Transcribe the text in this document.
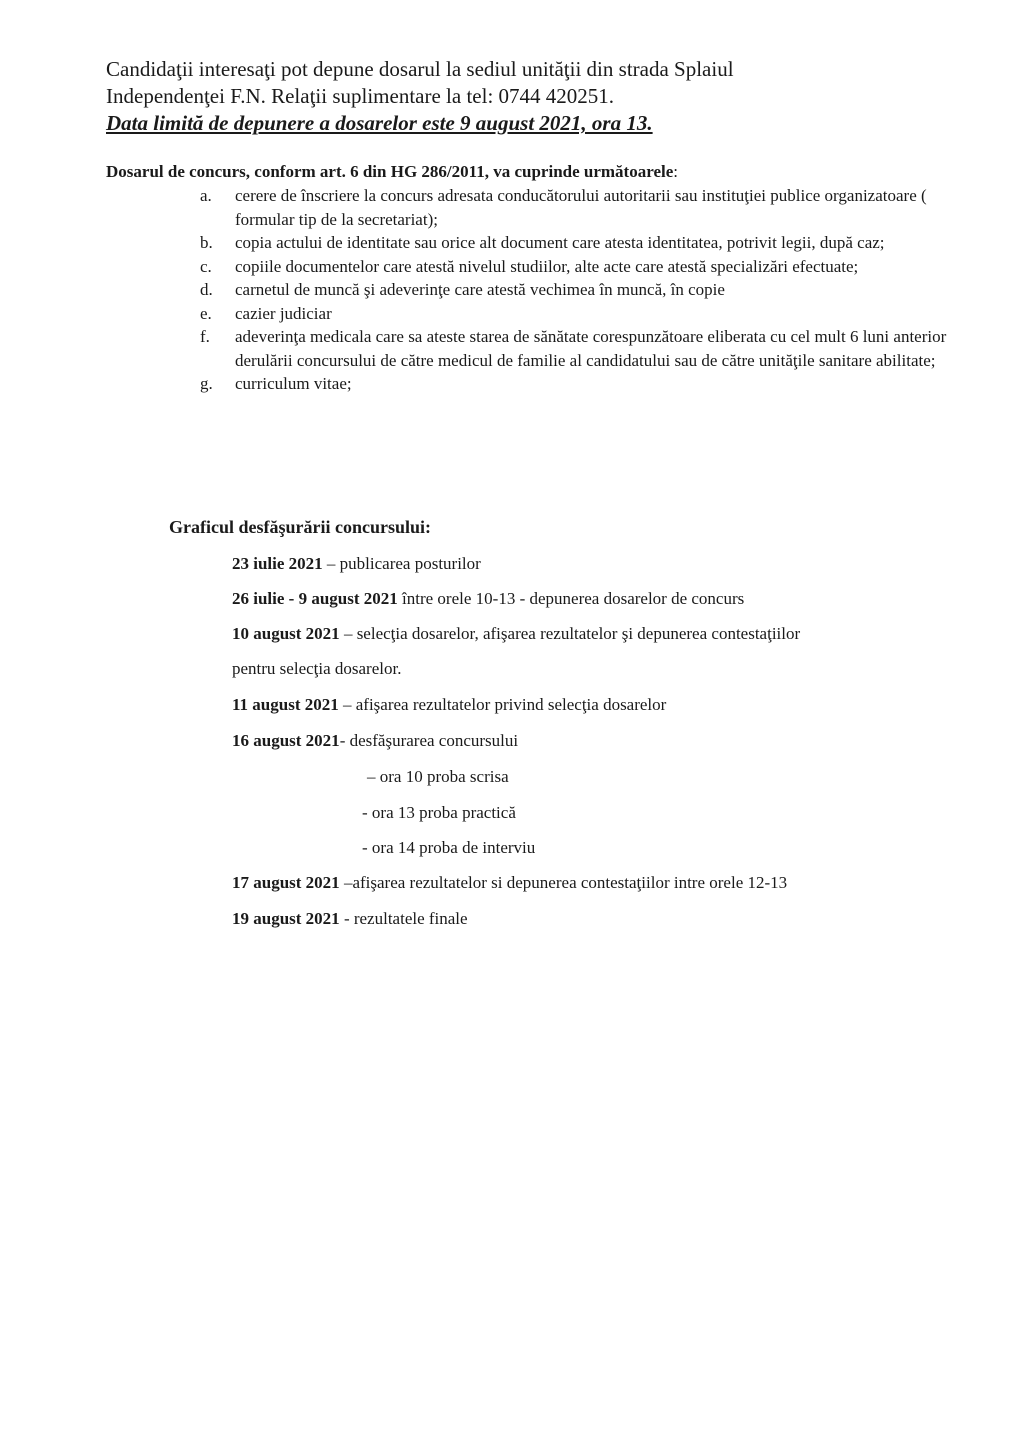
Candidaţii interesaţi pot depune dosarul la sediul unităţii din strada Splaiul
Independenţei F.N. Relaţii suplimentare la tel: 0744 420251.
Data limită de depunere a dosarelor este 9 august 2021, ora 13.
Dosarul de concurs, conform art. 6 din HG 286/2011, va cuprinde următoarele:
a. cerere de înscriere la concurs adresata conducătorului autoritarii sau instituţiei publice organizatoare ( formular tip de la secretariat);
b. copia actului de identitate sau orice alt document care atesta identitatea, potrivit legii, după caz;
c. copiile documentelor care atestă nivelul studiilor, alte acte care atestă specializări efectuate;
d. carnetul de muncă şi adeverinţe care atestă vechimea în muncă, în copie
e. cazier judiciar
f. adeverinţa medicala care sa ateste starea de sănătate corespunzătoare eliberata cu cel mult 6 luni anterior derulării concursului de către medicul de familie al candidatului sau de către unităţile sanitare abilitate;
g. curriculum vitae;
Graficul desfăşurării concursului:
23 iulie 2021 – publicarea posturilor
26 iulie - 9 august 2021 între orele 10-13 - depunerea dosarelor de concurs
10 august 2021 – selecţia dosarelor, afişarea rezultatelor şi depunerea contestaţiilor
pentru selecţia dosarelor.
11 august 2021 – afişarea rezultatelor privind selecţia dosarelor
16 august 2021- desfăşurarea concursului
– ora 10 proba scrisa
- ora 13 proba practică
- ora 14 proba de interviu
17 august 2021 –afişarea rezultatelor si depunerea contestaţiilor intre orele 12-13
19 august 2021 - rezultatele finale
